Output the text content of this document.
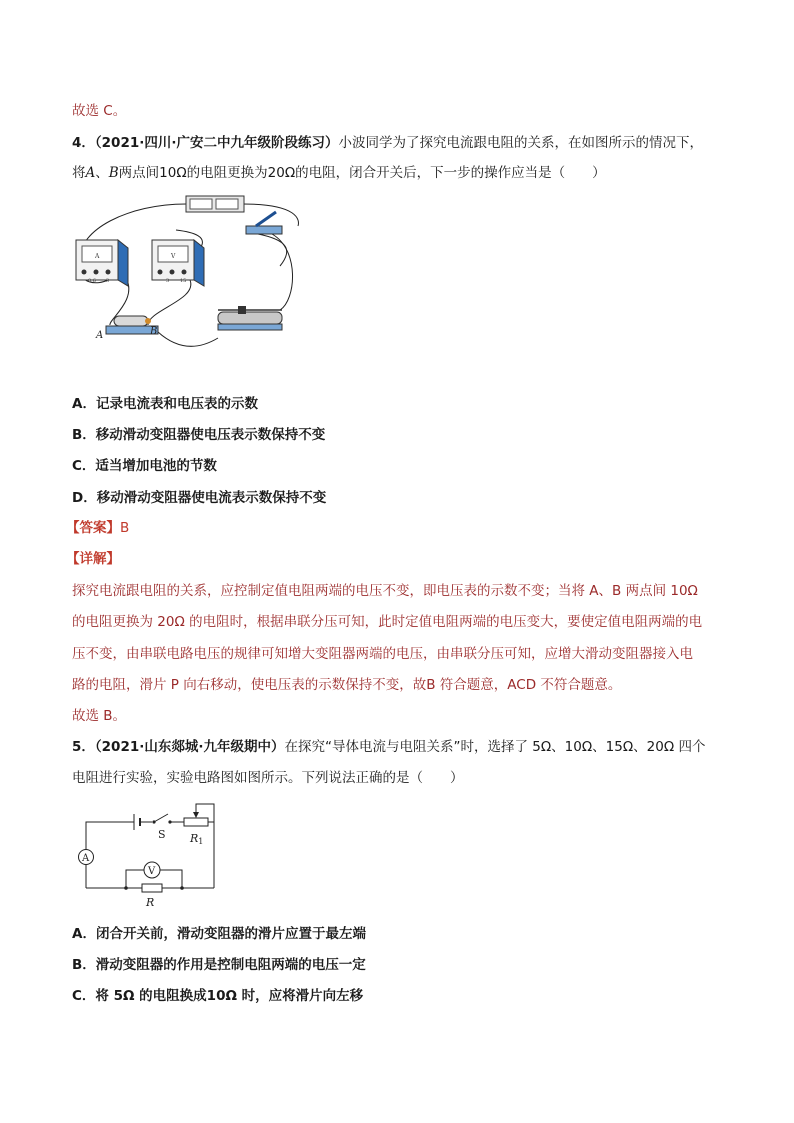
故选 C。
4．（2021·四川·广安二中九年级阶段练习）小波同学为了探究电流跟电阻的关系，在如图所示的情况下，
将A、B两点间10Ω的电阻更换为20Ω的电阻，闭合开关后，下一步的操作应当是（　　）
A
0.6 3
V
3 15
A	B
A．记录电流表和电压表的示数
B．移动滑动变阻器使电压表示数保持不变
C．适当增加电池的节数
D．移动滑动变阻器使电流表示数保持不变
【答案】B
【详解】
探究电流跟电阻的关系，应控制定值电阻两端的电压不变，即电压表的示数不变；当将 A、B 两点间 10Ω
的电阻更换为 20Ω 的电阻时，根据串联分压可知，此时定值电阻两端的电压变大，要使定值电阻两端的电
压不变，由串联电路电压的规律可知增大变阻器两端的电压，由串联分压可知，应增大滑动变阻器接入电
路的电阻，滑片 P 向右移动，使电压表的示数保持不变，故B 符合题意，ACD 不符合题意。
故选 B。
5．（2021·山东郯城·九年级期中）在探究“导体电流与电阻关系”时，选择了 5Ω、10Ω、15Ω、20Ω 四个
电阻进行实验，实验电路图如图所示。下列说法正确的是（　　）
S R1
A
V
R
A．闭合开关前，滑动变阻器的滑片应置于最左端
B．滑动变阻器的作用是控制电阻两端的电压一定
C．将 5Ω 的电阻换成10Ω 时，应将滑片向左移
